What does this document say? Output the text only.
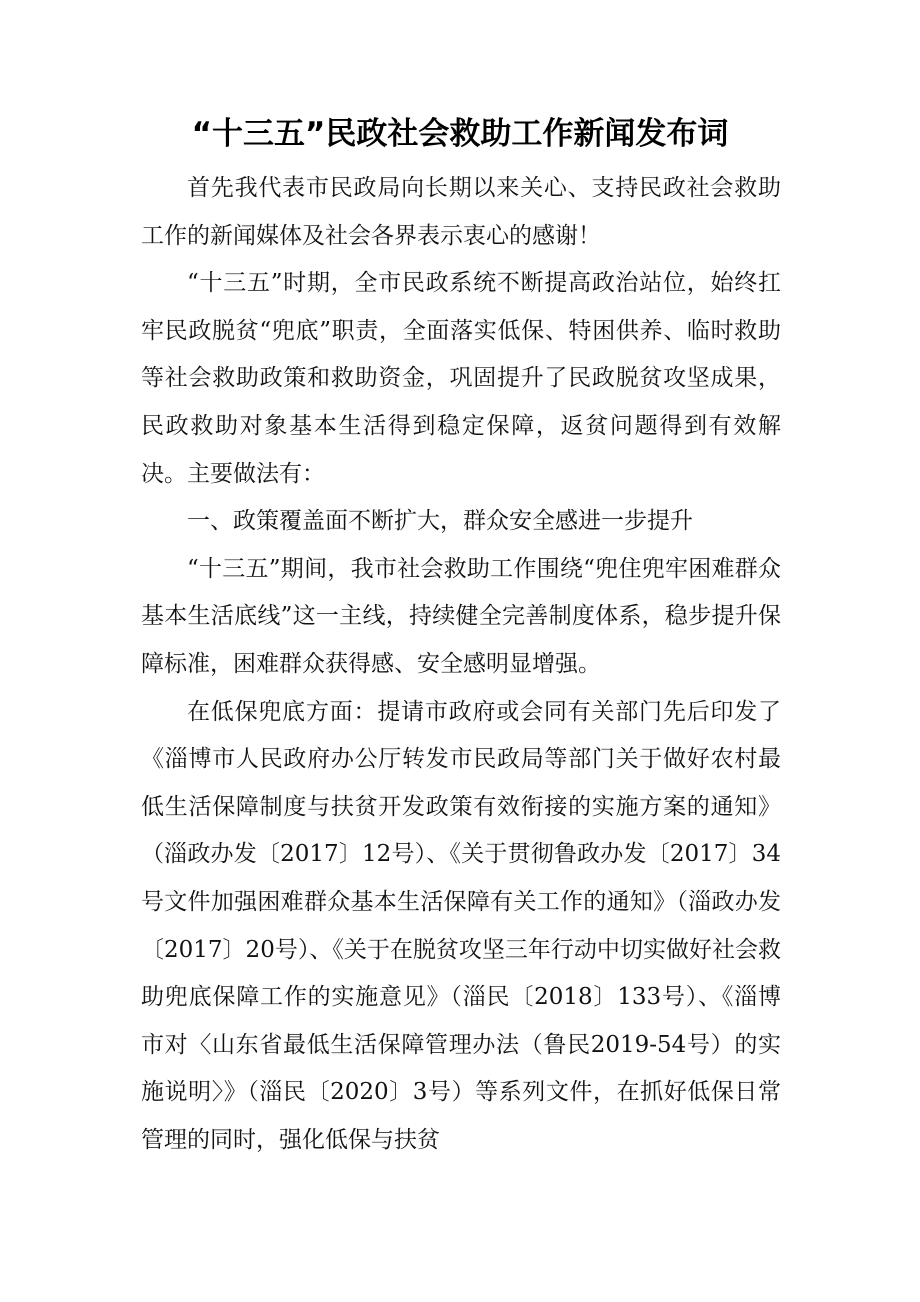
“十三五”民政社会救助工作新闻发布词

首先我代表市民政局向长期以来关心、支持民政社会救助工作的新闻媒体及社会各界表示衷心的感谢！

“十三五”时期，全市民政系统不断提高政治站位，始终扛牢民政脱贫“兜底”职责，全面落实低保、特困供养、临时救助等社会救助政策和救助资金，巩固提升了民政脱贫攻坚成果，民政救助对象基本生活得到稳定保障，返贫问题得到有效解决。主要做法有：

一、政策覆盖面不断扩大，群众安全感进一步提升

“十三五”期间，我市社会救助工作围绕“兜住兜牢困难群众基本生活底线”这一主线，持续健全完善制度体系，稳步提升保障标准，困难群众获得感、安全感明显增强。

在低保兜底方面：提请市政府或会同有关部门先后印发了《淄博市人民政府办公厅转发市民政局等部门关于做好农村最低生活保障制度与扶贫开发政策有效衔接的实施方案的通知》（淄政办发〔2017〕12号）、《关于贯彻鲁政办发〔2017〕34号文件加强困难群众基本生活保障有关工作的通知》（淄政办发〔2017〕20号）、《关于在脱贫攻坚三年行动中切实做好社会救助兜底保障工作的实施意见》（淄民〔2018〕133号）、《淄博市对〈山东省最低生活保障管理办法（鲁民2019-54号）的实施说明〉》（淄民〔2020〕3号）等系列文件，在抓好低保日常管理的同时，强化低保与扶贫
